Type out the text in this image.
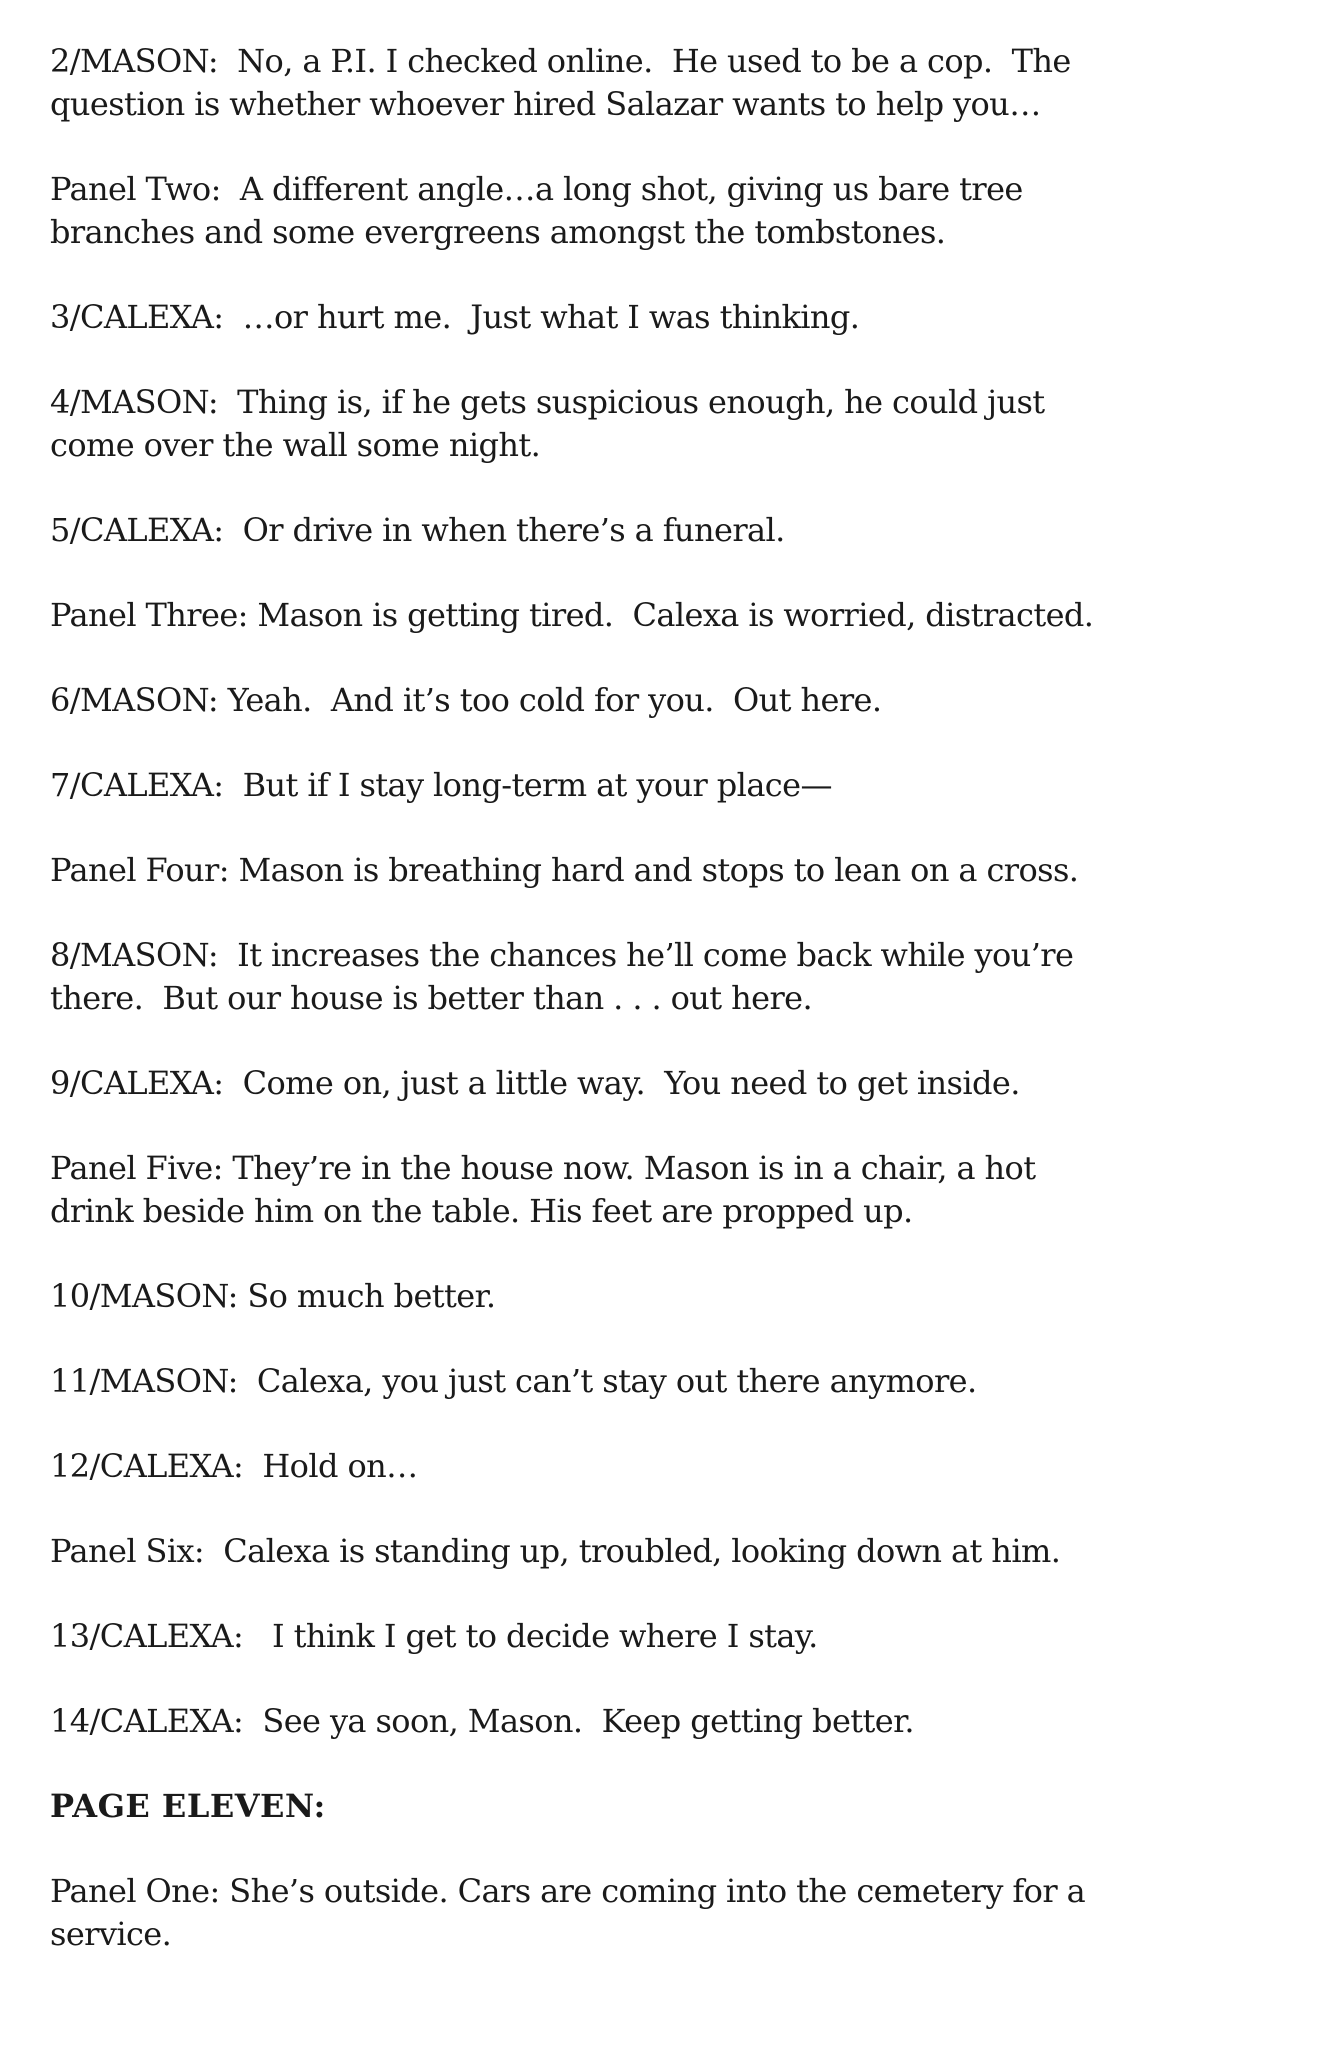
2/MASON:  No, a P.I. I checked online.  He used to be a cop.  The
question is whether whoever hired Salazar wants to help you…

Panel Two:  A different angle…a long shot, giving us bare tree
branches and some evergreens amongst the tombstones.

3/CALEXA:  …or hurt me.  Just what I was thinking.

4/MASON:  Thing is, if he gets suspicious enough, he could just
come over the wall some night.

5/CALEXA:  Or drive in when there’s a funeral.

Panel Three: Mason is getting tired.  Calexa is worried, distracted.

6/MASON: Yeah.  And it’s too cold for you.  Out here.

7/CALEXA:  But if I stay long-term at your place—

Panel Four: Mason is breathing hard and stops to lean on a cross.

8/MASON:  It increases the chances he’ll come back while you’re
there.  But our house is better than . . . out here.

9/CALEXA:  Come on, just a little way.  You need to get inside.

Panel Five: They’re in the house now. Mason is in a chair, a hot
drink beside him on the table. His feet are propped up.

10/MASON: So much better.

11/MASON:  Calexa, you just can’t stay out there anymore.

12/CALEXA:  Hold on…

Panel Six:  Calexa is standing up, troubled, looking down at him.

13/CALEXA:   I think I get to decide where I stay.

14/CALEXA:  See ya soon, Mason.  Keep getting better.

PAGE ELEVEN:

Panel One: She’s outside. Cars are coming into the cemetery for a
service.
